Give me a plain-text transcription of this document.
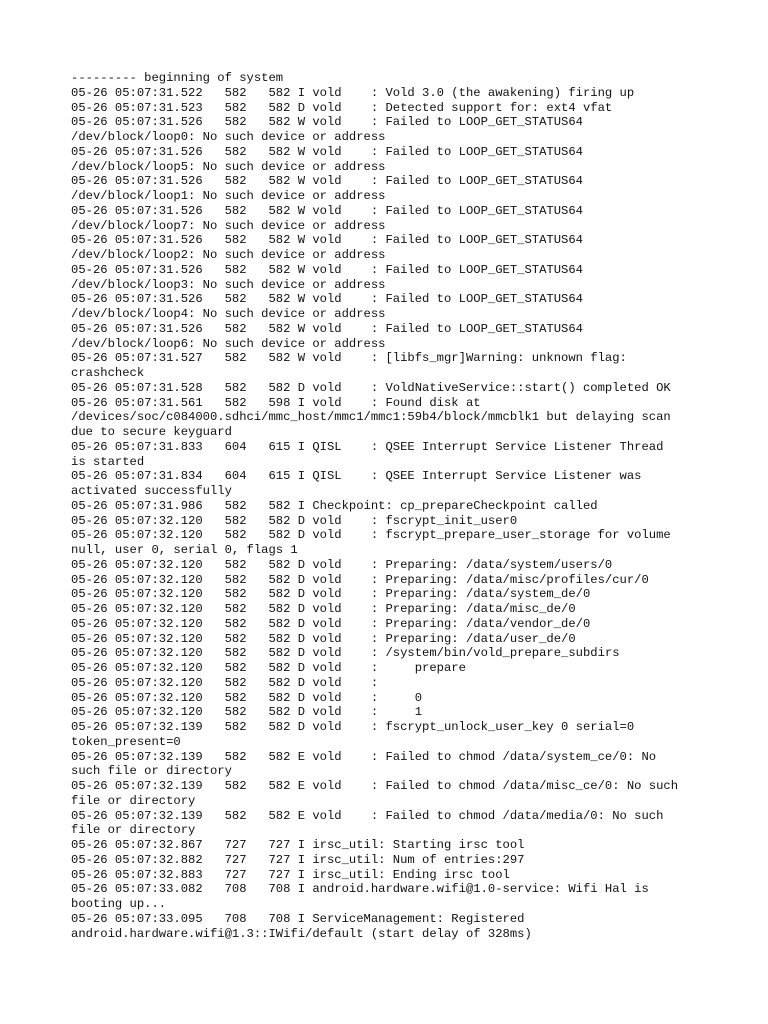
--------- beginning of system
05-26 05:07:31.522   582   582 I vold    : Vold 3.0 (the awakening) firing up
05-26 05:07:31.523   582   582 D vold    : Detected support for: ext4 vfat
05-26 05:07:31.526   582   582 W vold    : Failed to LOOP_GET_STATUS64
/dev/block/loop0: No such device or address
05-26 05:07:31.526   582   582 W vold    : Failed to LOOP_GET_STATUS64
/dev/block/loop5: No such device or address
05-26 05:07:31.526   582   582 W vold    : Failed to LOOP_GET_STATUS64
/dev/block/loop1: No such device or address
05-26 05:07:31.526   582   582 W vold    : Failed to LOOP_GET_STATUS64
/dev/block/loop7: No such device or address
05-26 05:07:31.526   582   582 W vold    : Failed to LOOP_GET_STATUS64
/dev/block/loop2: No such device or address
05-26 05:07:31.526   582   582 W vold    : Failed to LOOP_GET_STATUS64
/dev/block/loop3: No such device or address
05-26 05:07:31.526   582   582 W vold    : Failed to LOOP_GET_STATUS64
/dev/block/loop4: No such device or address
05-26 05:07:31.526   582   582 W vold    : Failed to LOOP_GET_STATUS64
/dev/block/loop6: No such device or address
05-26 05:07:31.527   582   582 W vold    : [libfs_mgr]Warning: unknown flag:
crashcheck
05-26 05:07:31.528   582   582 D vold    : VoldNativeService::start() completed OK
05-26 05:07:31.561   582   598 I vold    : Found disk at
/devices/soc/c084000.sdhci/mmc_host/mmc1/mmc1:59b4/block/mmcblk1 but delaying scan
due to secure keyguard
05-26 05:07:31.833   604   615 I QISL    : QSEE Interrupt Service Listener Thread
is started
05-26 05:07:31.834   604   615 I QISL    : QSEE Interrupt Service Listener was
activated successfully
05-26 05:07:31.986   582   582 I Checkpoint: cp_prepareCheckpoint called
05-26 05:07:32.120   582   582 D vold    : fscrypt_init_user0
05-26 05:07:32.120   582   582 D vold    : fscrypt_prepare_user_storage for volume
null, user 0, serial 0, flags 1
05-26 05:07:32.120   582   582 D vold    : Preparing: /data/system/users/0
05-26 05:07:32.120   582   582 D vold    : Preparing: /data/misc/profiles/cur/0
05-26 05:07:32.120   582   582 D vold    : Preparing: /data/system_de/0
05-26 05:07:32.120   582   582 D vold    : Preparing: /data/misc_de/0
05-26 05:07:32.120   582   582 D vold    : Preparing: /data/vendor_de/0
05-26 05:07:32.120   582   582 D vold    : Preparing: /data/user_de/0
05-26 05:07:32.120   582   582 D vold    : /system/bin/vold_prepare_subdirs
05-26 05:07:32.120   582   582 D vold    :     prepare
05-26 05:07:32.120   582   582 D vold    :
05-26 05:07:32.120   582   582 D vold    :     0
05-26 05:07:32.120   582   582 D vold    :     1
05-26 05:07:32.139   582   582 D vold    : fscrypt_unlock_user_key 0 serial=0
token_present=0
05-26 05:07:32.139   582   582 E vold    : Failed to chmod /data/system_ce/0: No
such file or directory
05-26 05:07:32.139   582   582 E vold    : Failed to chmod /data/misc_ce/0: No such
file or directory
05-26 05:07:32.139   582   582 E vold    : Failed to chmod /data/media/0: No such
file or directory
05-26 05:07:32.867   727   727 I irsc_util: Starting irsc tool
05-26 05:07:32.882   727   727 I irsc_util: Num of entries:297
05-26 05:07:32.883   727   727 I irsc_util: Ending irsc tool
05-26 05:07:33.082   708   708 I android.hardware.wifi@1.0-service: Wifi Hal is
booting up...
05-26 05:07:33.095   708   708 I ServiceManagement: Registered
android.hardware.wifi@1.3::IWifi/default (start delay of 328ms)
